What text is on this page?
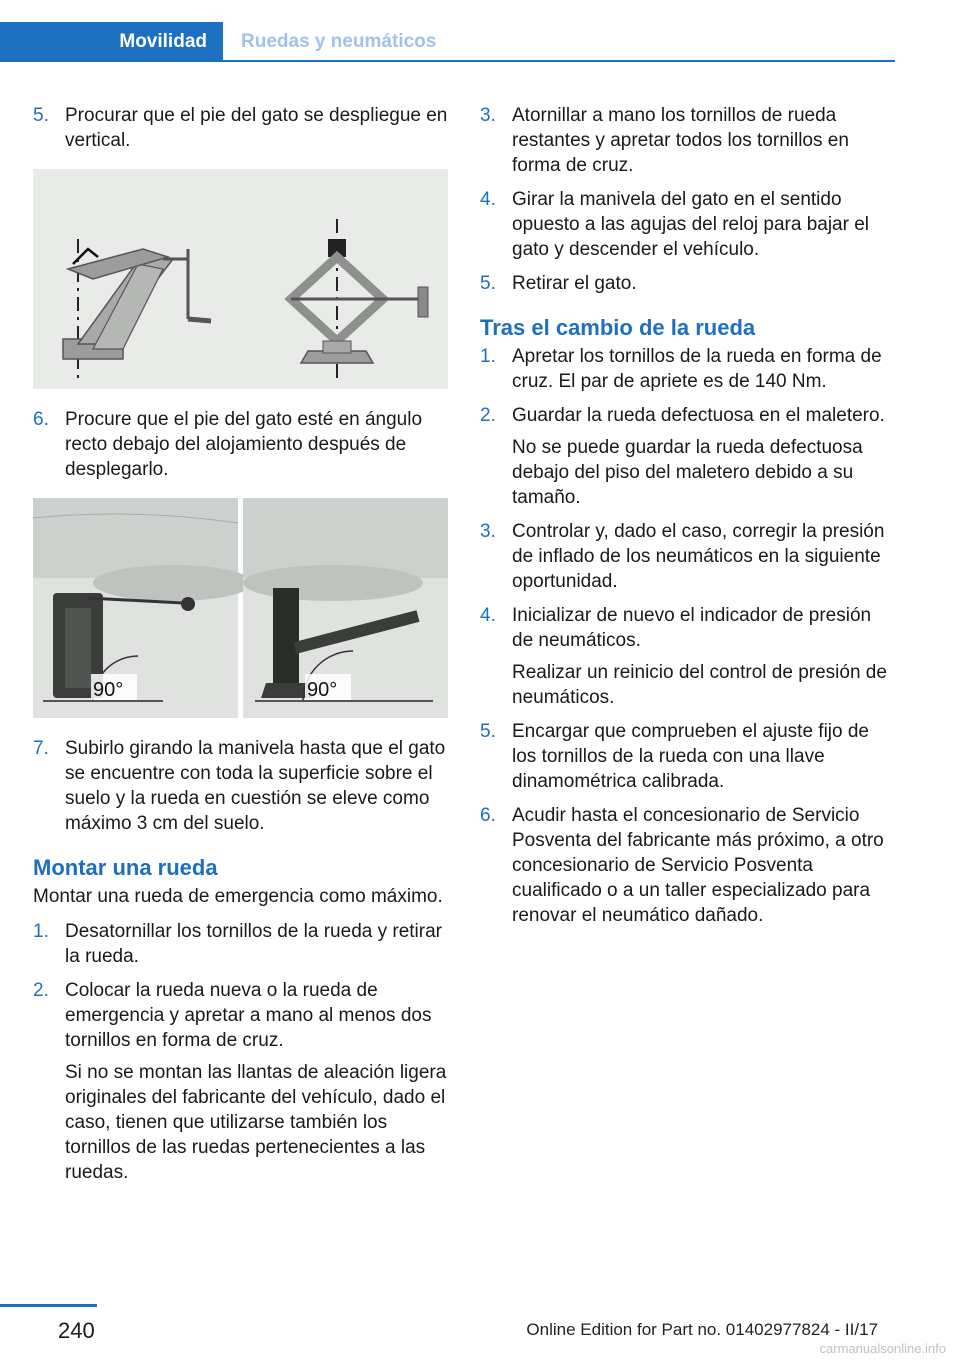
Movilidad	Ruedas y neumáticos
5. Procurar que el pie del gato se despliegue en vertical.
6. Procure que el pie del gato esté en ángulo recto debajo del alojamiento después de desplegarlo.
90°	90°
7. Subirlo girando la manivela hasta que el gato se encuentre con toda la superficie sobre el suelo y la rueda en cuestión se eleve como máximo 3 cm del suelo.
Montar una rueda
Montar una rueda de emergencia como máximo.
1. Desatornillar los tornillos de la rueda y retirar la rueda.
2. Colocar la rueda nueva o la rueda de emergencia y apretar a mano al menos dos tornillos en forma de cruz.
Si no se montan las llantas de aleación ligera originales del fabricante del vehículo, dado el caso, tienen que utilizarse también los tornillos de las ruedas pertenecientes a las ruedas.
3. Atornillar a mano los tornillos de rueda restantes y apretar todos los tornillos en forma de cruz.
4. Girar la manivela del gato en el sentido opuesto a las agujas del reloj para bajar el gato y descender el vehículo.
5. Retirar el gato.
Tras el cambio de la rueda
1. Apretar los tornillos de la rueda en forma de cruz. El par de apriete es de 140 Nm.
2. Guardar la rueda defectuosa en el maletero.
No se puede guardar la rueda defectuosa debajo del piso del maletero debido a su tamaño.
3. Controlar y, dado el caso, corregir la presión de inflado de los neumáticos en la siguiente oportunidad.
4. Inicializar de nuevo el indicador de presión de neumáticos.
Realizar un reinicio del control de presión de neumáticos.
5. Encargar que comprueben el ajuste fijo de los tornillos de la rueda con una llave dinamométrica calibrada.
6. Acudir hasta el concesionario de Servicio Posventa del fabricante más próximo, a otro concesionario de Servicio Posventa cualificado o a un taller especializado para renovar el neumático dañado.
240	Online Edition for Part no. 01402977824 - II/17
carmanualsonline.info
